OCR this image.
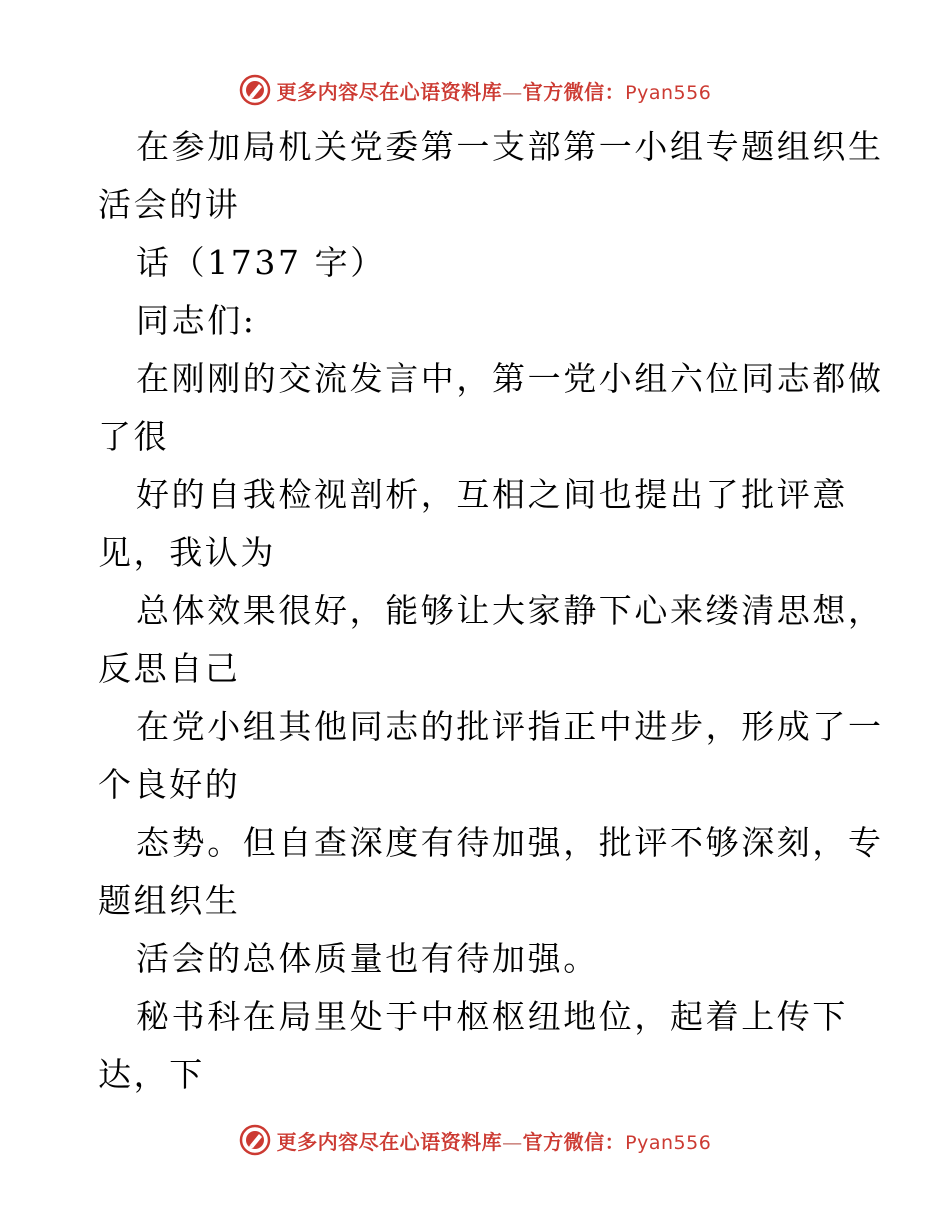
更多内容尽在心语资料库—官方微信：Pyan556
在参加局机关党委第一支部第一小组专题组织生
活会的讲
话（1737 字）
同志们:
在刚刚的交流发言中，第一党小组六位同志都做
了很
好的自我检视剖析，互相之间也提出了批评意
见，我认为
总体效果很好，能够让大家静下心来缕清思想，
反思自己
在党小组其他同志的批评指正中进步，形成了一
个良好的
态势。但自查深度有待加强，批评不够深刻，专
题组织生
活会的总体质量也有待加强。
秘书科在局里处于中枢枢纽地位，起着上传下
达，下
更多内容尽在心语资料库—官方微信：Pyan556
